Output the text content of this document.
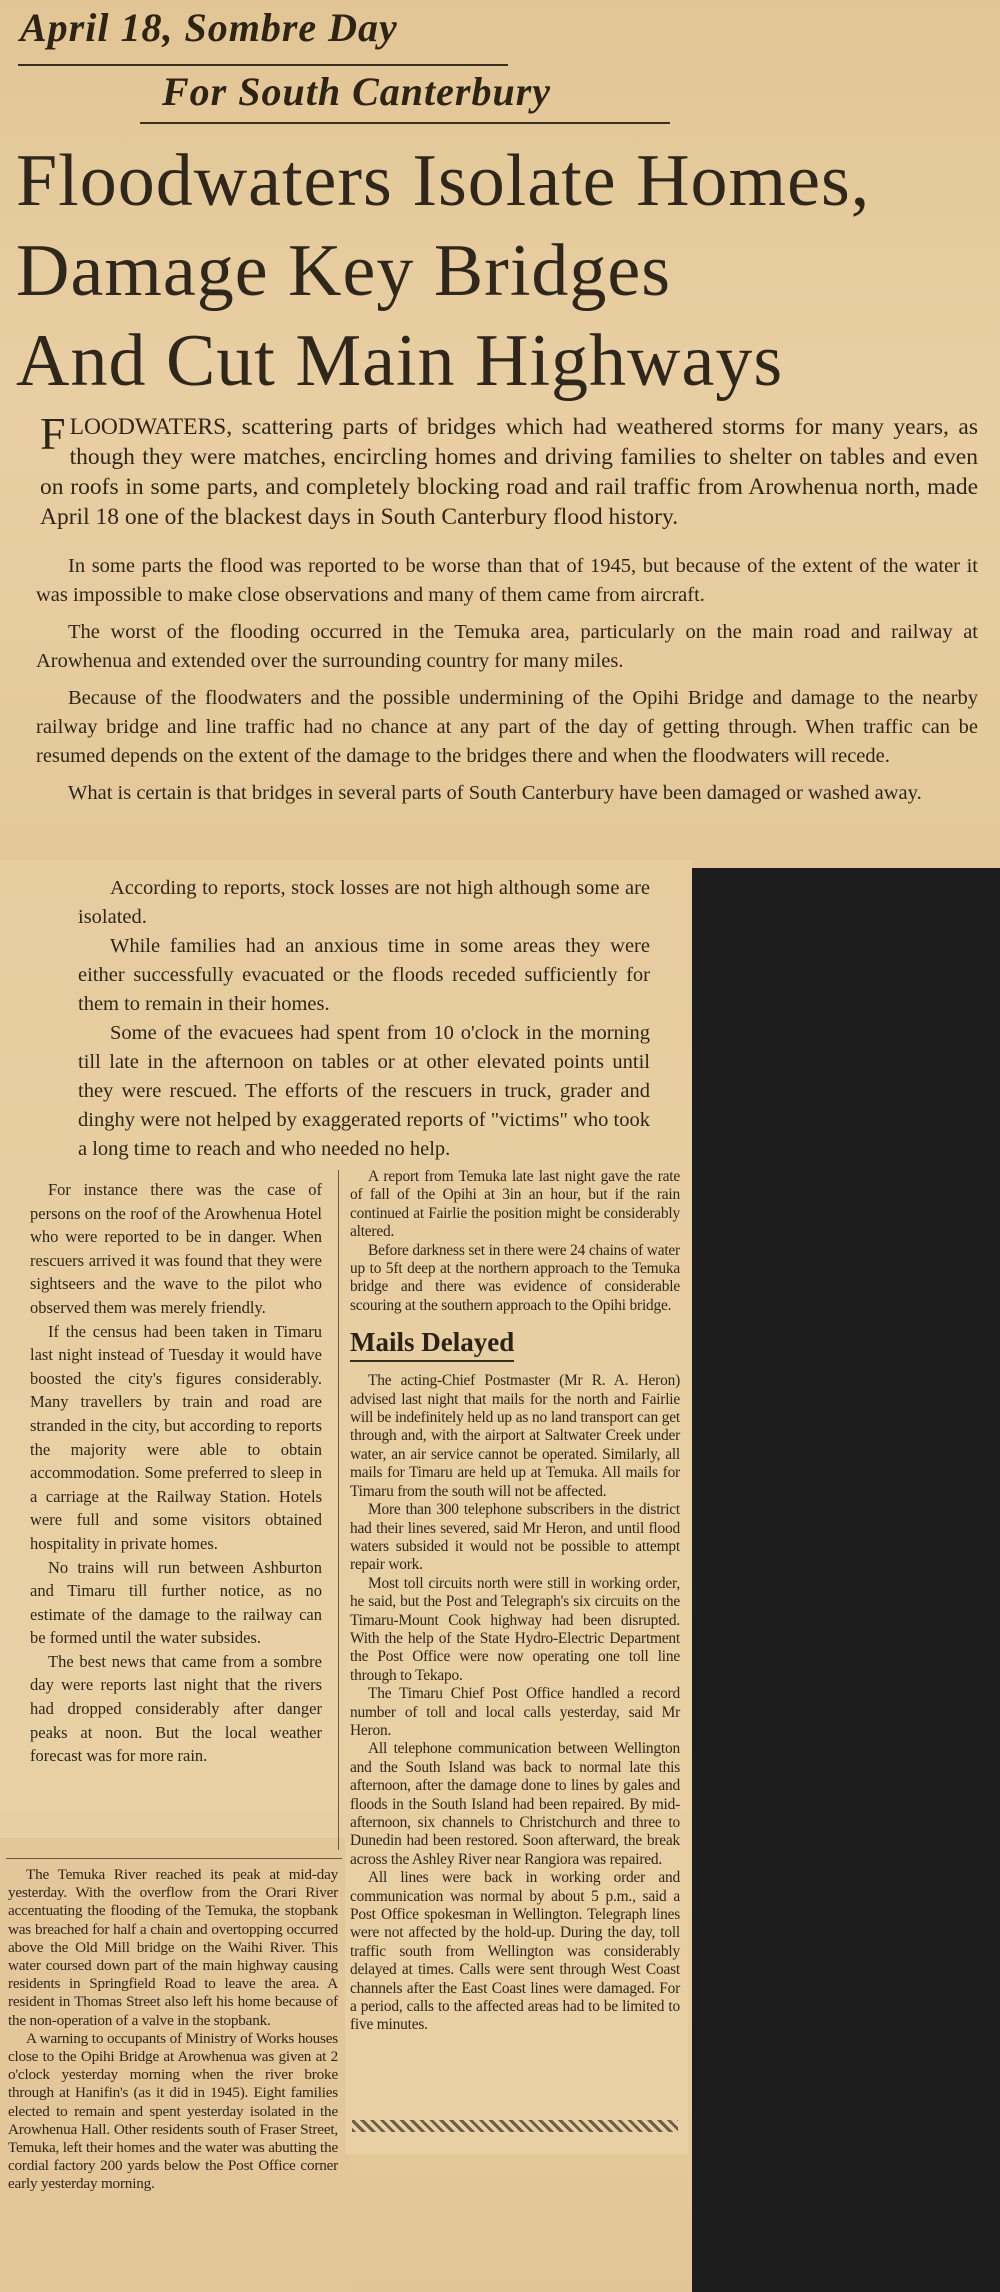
April 18, Sombre Day
For South Canterbury
Floodwaters Isolate Homes,
Damage Key Bridges
And Cut Main Highways
FLOODWATERS, scattering parts of bridges which had weathered storms for many years, as though they were matches, encircling homes and driving families to shelter on tables and even on roofs in some parts, and completely blocking road and rail traffic from Arowhenua north, made April 18 one of the blackest days in South Canterbury flood history.

In some parts the flood was reported to be worse than that of 1945, but because of the extent of the water it was impossible to make close observations and many of them came from aircraft.

The worst of the flooding occurred in the Temuka area, particularly on the main road and railway at Arowhenua and extended over the surrounding country for many miles.

Because of the floodwaters and the possible undermining of the Opihi Bridge and damage to the nearby railway bridge and line traffic had no chance at any part of the day of getting through. When traffic can be resumed depends on the extent of the damage to the bridges there and when the floodwaters will recede.

What is certain is that bridges in several parts of South Canterbury have been damaged or washed away.

According to reports, stock losses are not high although some are isolated.

While families had an anxious time in some areas they were either successfully evacuated or the floods receded sufficiently for them to remain in their homes.

Some of the evacuees had spent from 10 o'clock in the morning till late in the afternoon on tables or at other elevated points until they were rescued. The efforts of the rescuers in truck, grader and dinghy were not helped by exaggerated reports of "victims" who took a long time to reach and who needed no help.

For instance there was the case of persons on the roof of the Arowhenua Hotel who were reported to be in danger. When rescuers arrived it was found that they were sightseers and the wave to the pilot who observed them was merely friendly.

If the census had been taken in Timaru last night instead of Tuesday it would have boosted the city's figures considerably. Many travellers by train and road are stranded in the city, but according to reports the majority were able to obtain accommodation. Some preferred to sleep in a carriage at the Railway Station. Hotels were full and some visitors obtained hospitality in private homes.

No trains will run between Ashburton and Timaru till further notice, as no estimate of the damage to the railway can be formed until the water subsides.

The best news that came from a sombre day were reports last night that the rivers had dropped considerably after danger peaks at noon. But the local weather forecast was for more rain.

A report from Temuka late last night gave the rate of fall of the Opihi at 3in an hour, but if the rain continued at Fairlie the position might be considerably altered.

Before darkness set in there were 24 chains of water up to 5ft deep at the northern approach to the Temuka bridge and there was evidence of considerable scouring at the southern approach to the Opihi bridge.

Mails Delayed

The acting-Chief Postmaster (Mr R. A. Heron) advised last night that mails for the north and Fairlie will be indefinitely held up as no land transport can get through and, with the airport at Saltwater Creek under water, an air service cannot be operated. Similarly, all mails for Timaru are held up at Temuka. All mails for Timaru from the south will not be affected.

More than 300 telephone subscribers in the district had their lines severed, said Mr Heron, and until flood waters subsided it would not be possible to attempt repair work.

Most toll circuits north were still in working order, he said, but the Post and Telegraph's six circuits on the Timaru-Mount Cook highway had been disrupted. With the help of the State Hydro-Electric Department the Post Office were now operating one toll line through to Tekapo.

The Timaru Chief Post Office handled a record number of toll and local calls yesterday, said Mr Heron.

All telephone communication between Wellington and the South Island was back to normal late this afternoon, after the damage done to lines by gales and floods in the South Island had been repaired. By mid-afternoon, six channels to Christchurch and three to Dunedin had been restored. Soon afterward, the break across the Ashley River near Rangiora was repaired.

All lines were back in working order and communication was normal by about 5 p.m., said a Post Office spokesman in Wellington. Telegraph lines were not affected by the hold-up. During the day, toll traffic south from Wellington was considerably delayed at times. Calls were sent through West Coast channels after the East Coast lines were damaged. For a period, calls to the affected areas had to be limited to five minutes.

The Temuka River reached its peak at mid-day yesterday. With the overflow from the Orari River accentuating the flooding of the Temuka, the stopbank was breached for half a chain and overtopping occurred above the Old Mill bridge on the Waihi River. This water coursed down part of the main highway causing residents in Springfield Road to leave the area. A resident in Thomas Street also left his home because of the non-operation of a valve in the stopbank.

A warning to occupants of Ministry of Works houses close to the Opihi Bridge at Arowhenua was given at 2 o'clock yesterday morning when the river broke through at Hanifin's (as it did in 1945). Eight families elected to remain and spent yesterday isolated in the Arowhenua Hall. Other residents south of Fraser Street, Temuka, left their homes and the water was abutting the cordial factory 200 yards below the Post Office corner early yesterday morning.
